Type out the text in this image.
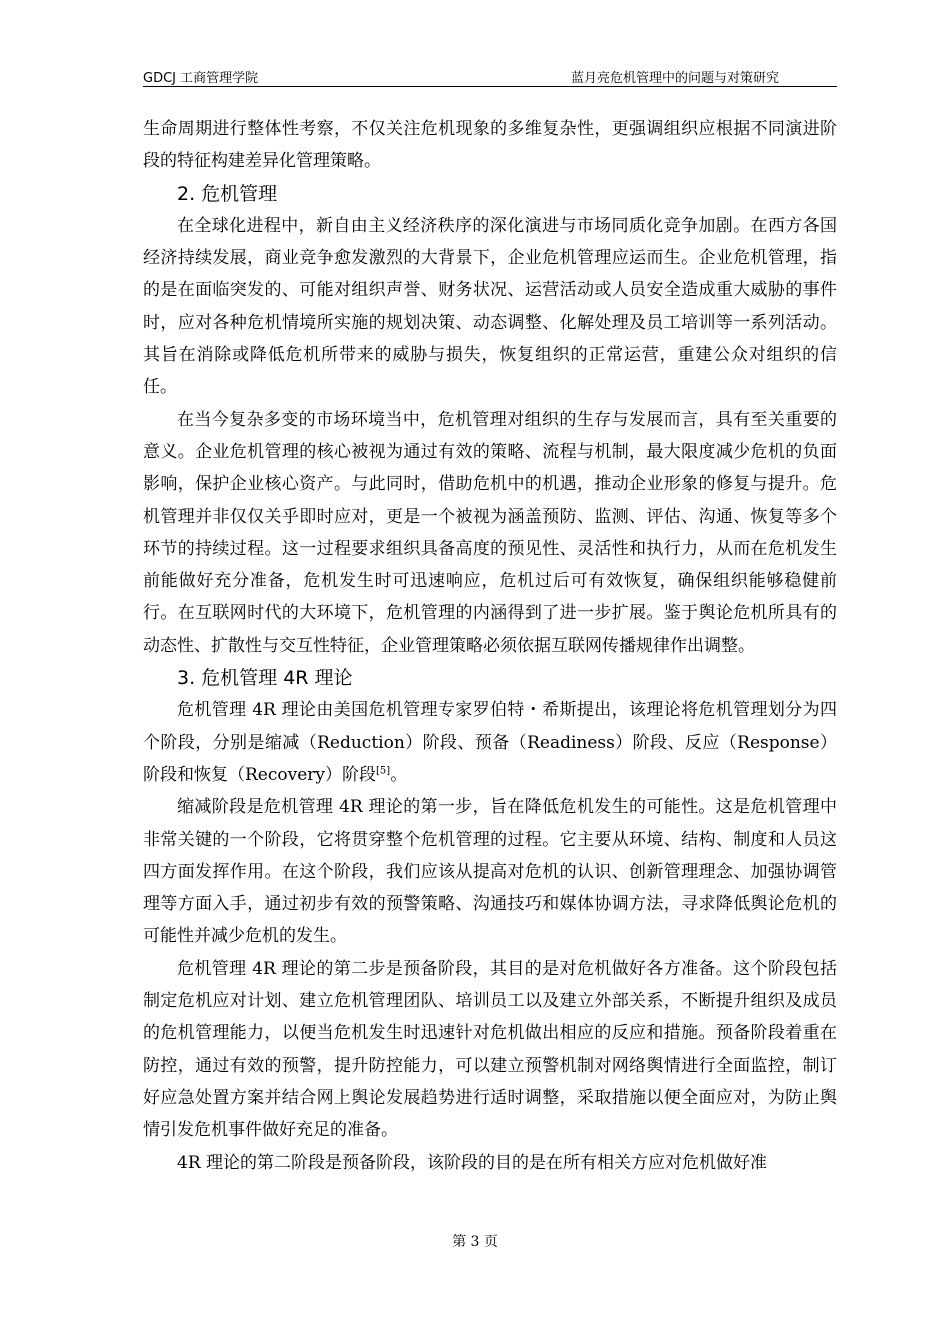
GDCJ 工商管理学院	蓝月亮危机管理中的问题与对策研究

生命周期进行整体性考察，不仅关注危机现象的多维复杂性，更强调组织应根据不同演进阶段的特征构建差异化管理策略。

2. 危机管理

在全球化进程中，新自由主义经济秩序的深化演进与市场同质化竞争加剧。在西方各国经济持续发展，商业竞争愈发激烈的大背景下，企业危机管理应运而生。企业危机管理，指的是在面临突发的、可能对组织声誉、财务状况、运营活动或人员安全造成重大威胁的事件时，应对各种危机情境所实施的规划决策、动态调整、化解处理及员工培训等一系列活动。其旨在消除或降低危机所带来的威胁与损失，恢复组织的正常运营，重建公众对组织的信任。

在当今复杂多变的市场环境当中，危机管理对组织的生存与发展而言，具有至关重要的意义。企业危机管理的核心被视为通过有效的策略、流程与机制，最大限度减少危机的负面影响，保护企业核心资产。与此同时，借助危机中的机遇，推动企业形象的修复与提升。危机管理并非仅仅关乎即时应对，更是一个被视为涵盖预防、监测、评估、沟通、恢复等多个环节的持续过程。这一过程要求组织具备高度的预见性、灵活性和执行力，从而在危机发生前能做好充分准备，危机发生时可迅速响应，危机过后可有效恢复，确保组织能够稳健前行。在互联网时代的大环境下，危机管理的内涵得到了进一步扩展。鉴于舆论危机所具有的动态性、扩散性与交互性特征，企业管理策略必须依据互联网传播规律作出调整。

3. 危机管理 4R 理论

危机管理 4R 理论由美国危机管理专家罗伯特・希斯提出，该理论将危机管理划分为四个阶段，分别是缩减（Reduction）阶段、预备（Readiness）阶段、反应（Response）阶段和恢复（Recovery）阶段[5]。

缩减阶段是危机管理 4R 理论的第一步，旨在降低危机发生的可能性。这是危机管理中非常关键的一个阶段，它将贯穿整个危机管理的过程。它主要从环境、结构、制度和人员这四方面发挥作用。在这个阶段，我们应该从提高对危机的认识、创新管理理念、加强协调管理等方面入手，通过初步有效的预警策略、沟通技巧和媒体协调方法，寻求降低舆论危机的可能性并减少危机的发生。

危机管理 4R 理论的第二步是预备阶段，其目的是对危机做好各方准备。这个阶段包括制定危机应对计划、建立危机管理团队、培训员工以及建立外部关系，不断提升组织及成员的危机管理能力，以便当危机发生时迅速针对危机做出相应的反应和措施。预备阶段着重在防控，通过有效的预警，提升防控能力，可以建立预警机制对网络舆情进行全面监控，制订好应急处置方案并结合网上舆论发展趋势进行适时调整，采取措施以便全面应对，为防止舆情引发危机事件做好充足的准备。

4R 理论的第二阶段是预备阶段，该阶段的目的是在所有相关方应对危机做好准

第 3 页
